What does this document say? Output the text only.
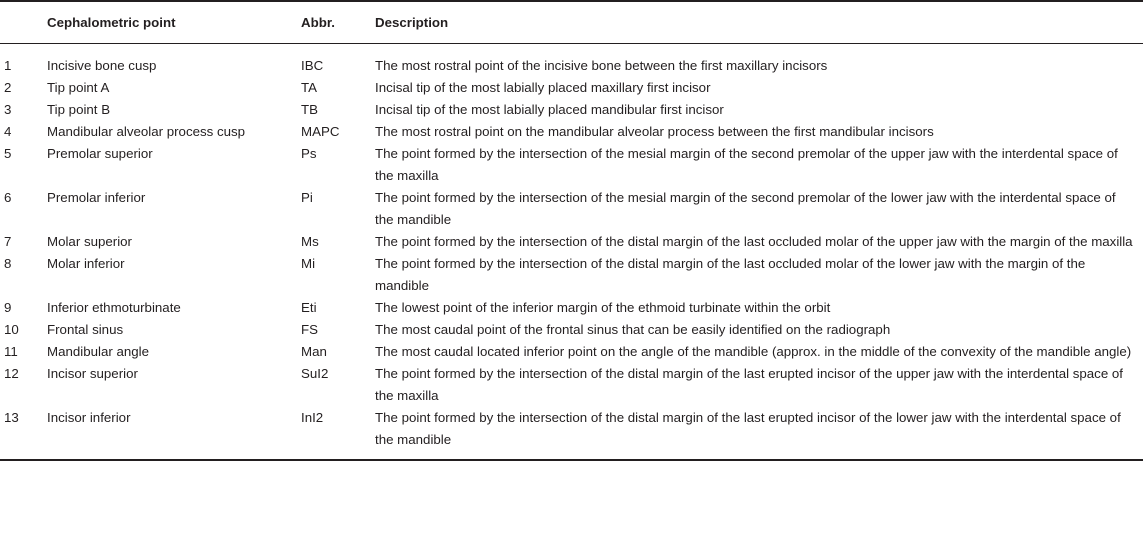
	Cephalometric point	Abbr.	Description
1	Incisive bone cusp	IBC	The most rostral point of the incisive bone between the first maxillary incisors
2	Tip point A	TA	Incisal tip of the most labially placed maxillary first incisor
3	Tip point B	TB	Incisal tip of the most labially placed mandibular first incisor
4	Mandibular alveolar process cusp	MAPC	The most rostral point on the mandibular alveolar process between the first mandibular incisors
5	Premolar superior	Ps	The point formed by the intersection of the mesial margin of the second premolar of the upper jaw with the interdental space of the maxilla
6	Premolar inferior	Pi	The point formed by the intersection of the mesial margin of the second premolar of the lower jaw with the interdental space of the mandible
7	Molar superior	Ms	The point formed by the intersection of the distal margin of the last occluded molar of the upper jaw with the margin of the maxilla
8	Molar inferior	Mi	The point formed by the intersection of the distal margin of the last occluded molar of the lower jaw with the margin of the mandible
9	Inferior ethmoturbinate	Eti	The lowest point of the inferior margin of the ethmoid turbinate within the orbit
10	Frontal sinus	FS	The most caudal point of the frontal sinus that can be easily identified on the radiograph
11	Mandibular angle	Man	The most caudal located inferior point on the angle of the mandible (approx. in the middle of the convexity of the mandible angle)
12	Incisor superior	SuI2	The point formed by the intersection of the distal margin of the last erupted incisor of the upper jaw with the interdental space of the maxilla
13	Incisor inferior	InI2	The point formed by the intersection of the distal margin of the last erupted incisor of the lower jaw with the interdental space of the mandible
